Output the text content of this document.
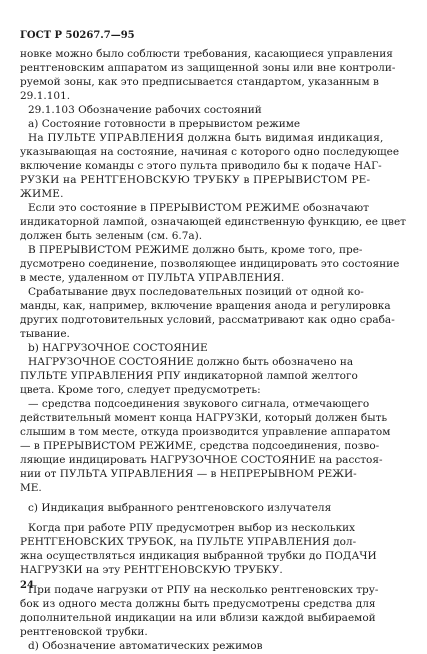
ГОСТ Р 50267.7—95
новке можно было соблюсти требования, касающиеся управления
рентгеновским аппаратом из защищенной зоны или вне контроли-
руемой зоны, как это предписывается стандартом, указанным в
29.1.101.
29.1.103 Обозначение рабочих состояний
а) Состояние готовности в прерывистом режиме
На ПУЛЬТЕ УПРАВЛЕНИЯ должна быть видимая индикация,
указывающая на состояние, начиная с которого одно последующее
включение команды с этого пульта приводило бы к подаче НАГ-
РУЗКИ на РЕНТГЕНОВСКУЮ ТРУБКУ в ПРЕРЫВИСТОМ РЕ-
ЖИМЕ.
Если это состояние в ПРЕРЫВИСТОМ РЕЖИМЕ обозначают
индикаторной лампой, означающей единственную функцию, ее цвет
должен быть зеленым (см. 6.7а).
В ПРЕРЫВИСТОМ РЕЖИМЕ должно быть, кроме того, пре-
дусмотрено соединение, позволяющее индицировать это состояние
в месте, удаленном от ПУЛЬТА УПРАВЛЕНИЯ.
Срабатывание двух последовательных позиций от одной ко-
манды, как, например, включение вращения анода и регулировка
других подготовительных условий, рассматривают как одно сраба-
тывание.
b) НАГРУЗОЧНОЕ СОСТОЯНИЕ
НАГРУЗОЧНОЕ СОСТОЯНИЕ должно быть обозначено на
ПУЛЬТЕ УПРАВЛЕНИЯ РПУ индикаторной лампой желтого
цвета. Кроме того, следует предусмотреть:
— средства подсоединения звукового сигнала, отмечающего
действительный момент конца НАГРУЗКИ, который должен быть
слышим в том месте, откуда производится управление аппаратом
— в ПРЕРЫВИСТОМ РЕЖИМЕ, средства подсоединения, позво-
ляющие индицировать НАГРУЗОЧНОЕ СОСТОЯНИЕ на расстоя-
нии от ПУЛЬТА УПРАВЛЕНИЯ — в НЕПРЕРЫВНОМ РЕЖИ-
МЕ.
с) Индикация выбранного рентгеновского излучателя
Когда при работе РПУ предусмотрен выбор из нескольких
РЕНТГЕНОВСКИХ ТРУБОК, на ПУЛЬТЕ УПРАВЛЕНИЯ дол-
жна осуществляться индикация выбранной трубки до ПОДАЧИ
НАГРУЗКИ на эту РЕНТГЕНОВСКУЮ ТРУБКУ.
При подаче нагрузки от РПУ на несколько рентгеновских тру-
бок из одного места должны быть предусмотрены средства для
дополнительной индикации на или вблизи каждой выбираемой
рентгеновской трубки.
d) Обозначение автоматических режимов
24
